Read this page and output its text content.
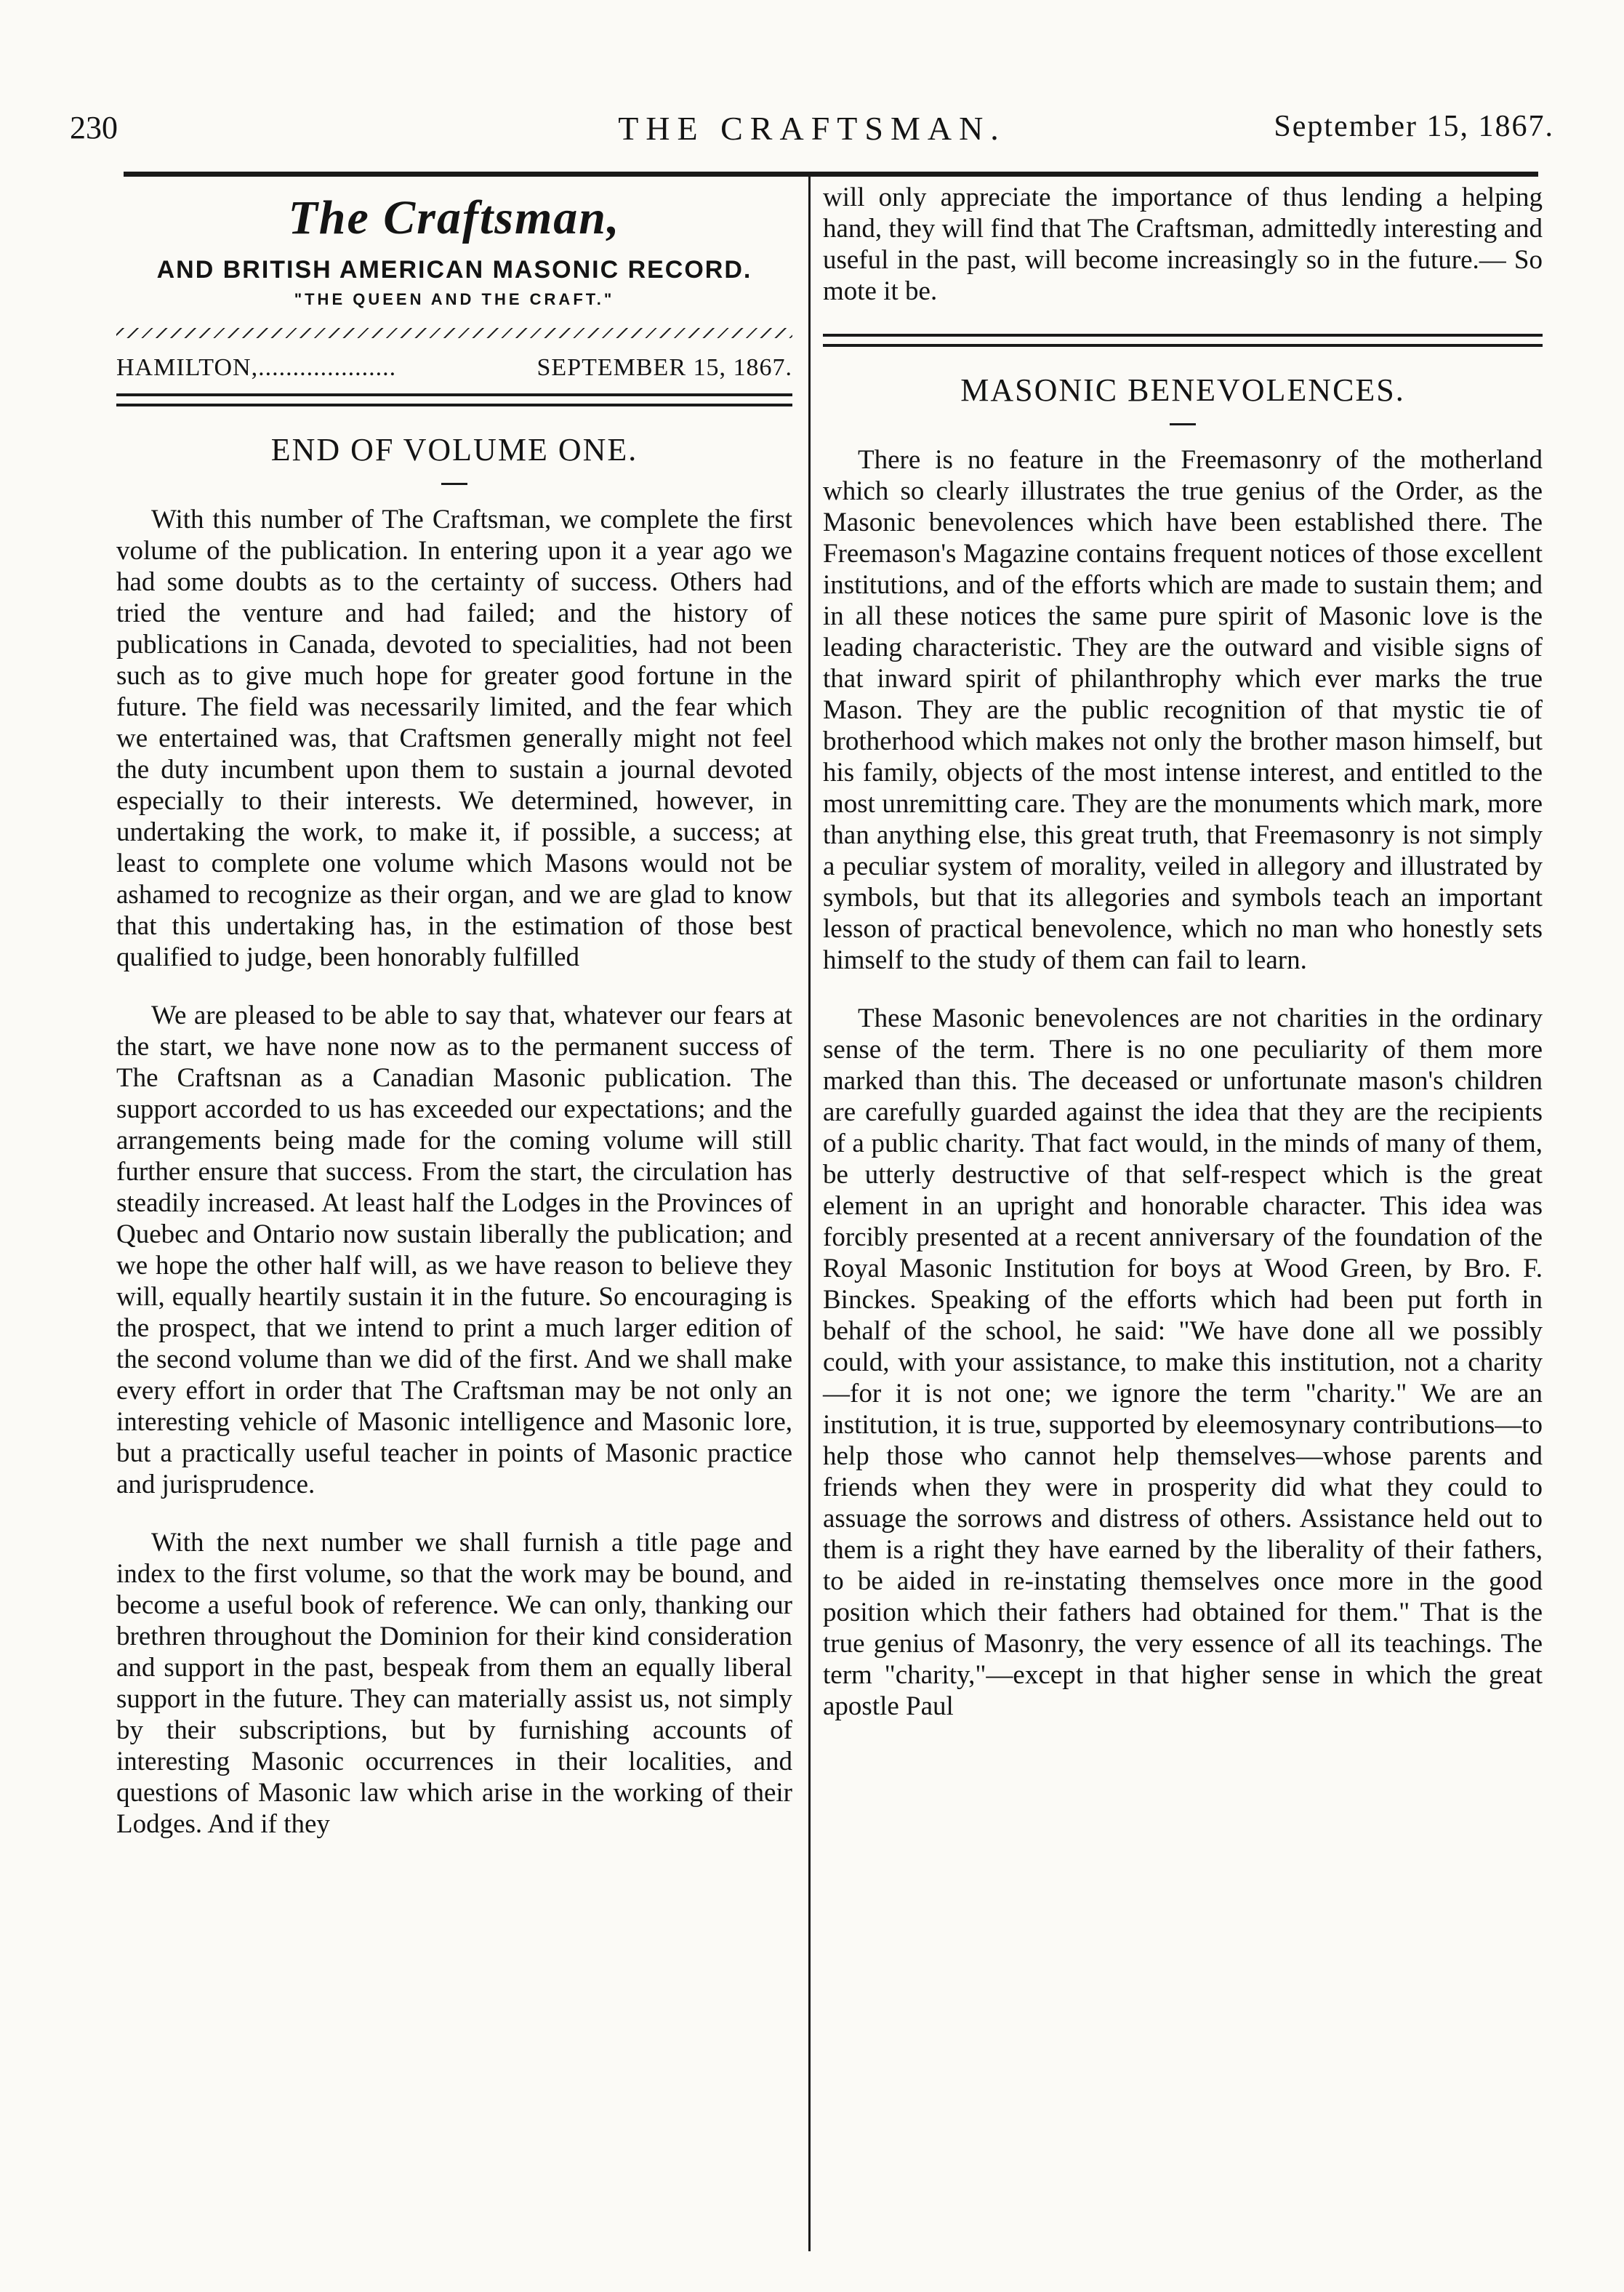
230	THE CRAFTSMAN.	September 15, 1867.
The Craftsman,
AND BRITISH AMERICAN MASONIC RECORD.
"THE QUEEN AND THE CRAFT."
HAMILTON,....................	SEPTEMBER 15, 1867.
END OF VOLUME ONE.

With this number of The Craftsman, we complete the first volume of the publication. In entering upon it a year ago we had some doubts as to the certainty of success. Others had tried the venture and had failed; and the history of publications in Canada, devoted to specialities, had not been such as to give much hope for greater good fortune in the future. The field was necessarily limited, and the fear which we entertained was, that Craftsmen generally might not feel the duty incumbent upon them to sustain a journal devoted especially to their interests. We determined, however, in undertaking the work, to make it, if possible, a success; at least to complete one volume which Masons would not be ashamed to recognize as their organ, and we are glad to know that this undertaking has, in the estimation of those best qualified to judge, been honorably fulfilled

We are pleased to be able to say that, whatever our fears at the start, we have none now as to the permanent success of The Craftsnan as a Canadian Masonic publication. The support accorded to us has exceeded our expectations; and the arrangements being made for the coming volume will still further ensure that success. From the start, the circulation has steadily increased. At least half the Lodges in the Provinces of Quebec and Ontario now sustain liberally the publication; and we hope the other half will, as we have reason to believe they will, equally heartily sustain it in the future. So encouraging is the prospect, that we intend to print a much larger edition of the second volume than we did of the first. And we shall make every effort in order that The Craftsman may be not only an interesting vehicle of Masonic intelligence and Masonic lore, but a practically useful teacher in points of Masonic practice and jurisprudence.

With the next number we shall furnish a title page and index to the first volume, so that the work may be bound, and become a useful book of reference. We can only, thanking our brethren throughout the Dominion for their kind consideration and support in the past, bespeak from them an equally liberal support in the future. They can materially assist us, not simply by their subscriptions, but by furnishing accounts of interesting Masonic occurrences in their localities, and questions of Masonic law which arise in the working of their Lodges. And if they

will only appreciate the importance of thus lending a helping hand, they will find that The Craftsman, admittedly interesting and useful in the past, will become increasingly so in the future.— So mote it be.

MASONIC BENEVOLENCES.

There is no feature in the Freemasonry of the motherland which so clearly illustrates the true genius of the Order, as the Masonic benevolences which have been established there. The Freemason's Magazine contains frequent notices of those excellent institutions, and of the efforts which are made to sustain them; and in all these notices the same pure spirit of Masonic love is the leading characteristic. They are the outward and visible signs of that inward spirit of philanthrophy which ever marks the true Mason. They are the public recognition of that mystic tie of brotherhood which makes not only the brother mason himself, but his family, objects of the most intense interest, and entitled to the most unremitting care. They are the monuments which mark, more than anything else, this great truth, that Freemasonry is not simply a peculiar system of morality, veiled in allegory and illustrated by symbols, but that its allegories and symbols teach an important lesson of practical benevolence, which no man who honestly sets himself to the study of them can fail to learn.

These Masonic benevolences are not charities in the ordinary sense of the term. There is no one peculiarity of them more marked than this. The deceased or unfortunate mason's children are carefully guarded against the idea that they are the recipients of a public charity. That fact would, in the minds of many of them, be utterly destructive of that self-respect which is the great element in an upright and honorable character. This idea was forcibly presented at a recent anniversary of the foundation of the Royal Masonic Institution for boys at Wood Green, by Bro. F. Binckes. Speaking of the efforts which had been put forth in behalf of the school, he said: "We have done all we possibly could, with your assistance, to make this institution, not a charity—for it is not one; we ignore the term "charity." We are an institution, it is true, supported by eleemosynary contributions—to help those who cannot help themselves—whose parents and friends when they were in prosperity did what they could to assuage the sorrows and distress of others. Assistance held out to them is a right they have earned by the liberality of their fathers, to be aided in re-instating themselves once more in the good position which their fathers had obtained for them." That is the true genius of Masonry, the very essence of all its teachings. The term "charity,"—except in that higher sense in which the great apostle Paul
